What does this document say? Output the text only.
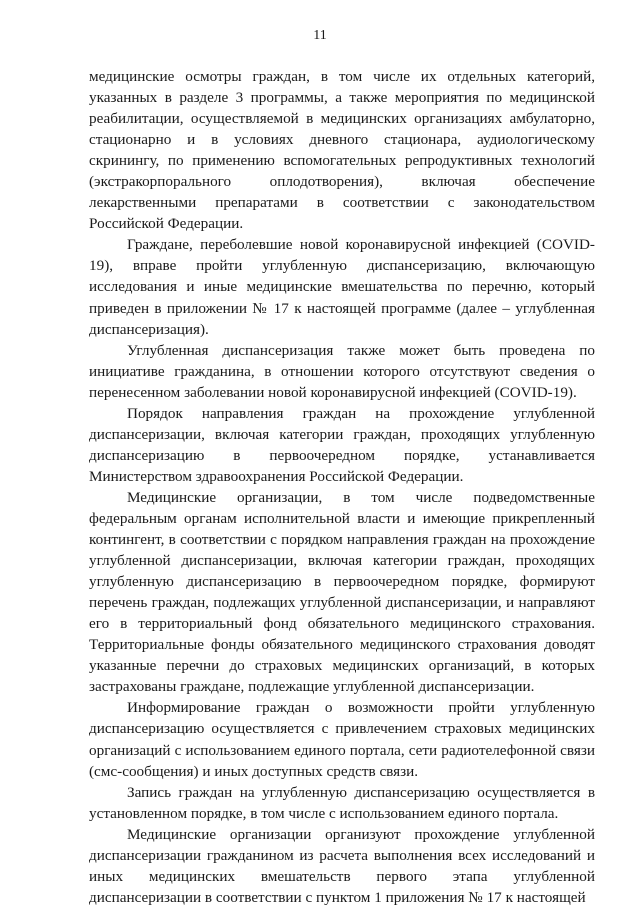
11

медицинские осмотры граждан, в том числе их отдельных категорий, указанных в разделе 3 программы, а также мероприятия по медицинской реабилитации, осуществляемой в медицинских организациях амбулаторно, стационарно и в условиях дневного стационара, аудиологическому скринингу, по применению вспомогательных репродуктивных технологий (экстракорпорального оплодотворения), включая обеспечение лекарственными препаратами в соответствии с законодательством Российской Федерации.

Граждане, переболевшие новой коронавирусной инфекцией (COVID-19), вправе пройти углубленную диспансеризацию, включающую исследования и иные медицинские вмешательства по перечню, который приведен в приложении № 17 к настоящей программе (далее – углубленная диспансеризация).

Углубленная диспансеризация также может быть проведена по инициативе гражданина, в отношении которого отсутствуют сведения о перенесенном заболевании новой коронавирусной инфекцией (COVID-19).

Порядок направления граждан на прохождение углубленной диспансеризации, включая категории граждан, проходящих углубленную диспансеризацию в первоочередном порядке, устанавливается Министерством здравоохранения Российской Федерации.

Медицинские организации, в том числе подведомственные федеральным органам исполнительной власти и имеющие прикрепленный контингент, в соответствии с порядком направления граждан на прохождение углубленной диспансеризации, включая категории граждан, проходящих углубленную диспансеризацию в первоочередном порядке, формируют перечень граждан, подлежащих углубленной диспансеризации, и направляют его в территориальный фонд обязательного медицинского страхования. Территориальные фонды обязательного медицинского страхования доводят указанные перечни до страховых медицинских организаций, в которых застрахованы граждане, подлежащие углубленной диспансеризации.

Информирование граждан о возможности пройти углубленную диспансеризацию осуществляется с привлечением страховых медицинских организаций с использованием единого портала, сети радиотелефонной связи (смс-сообщения) и иных доступных средств связи.

Запись граждан на углубленную диспансеризацию осуществляется в установленном порядке, в том числе с использованием единого портала.

Медицинские организации организуют прохождение углубленной диспансеризации гражданином из расчета выполнения всех исследований и иных медицинских вмешательств первого этапа углубленной диспансеризации в соответствии с пунктом 1 приложения № 17 к настоящей
